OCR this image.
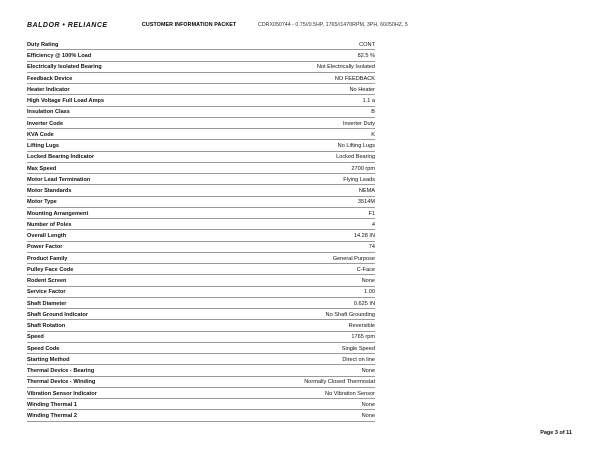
BALDOR • RELIANCE	CUSTOMER INFORMATION PACKET	CDRX050744 - 0.75//0.5HP, 1765//1470RPM, 3PH, 60//50HZ, 5
Duty Rating	CONT
Efficiency @ 100% Load	82.5 %
Electrically Isolated Bearing	Not Electrically Isolated
Feedback Device	NO FEEDBACK
Heater Indicator	No Heater
High Voltage Full Load Amps	1.1 a
Insulation Class	B
Inverter Code	Inverter Duty
KVA Code	K
Lifting Lugs	No Lifting Lugs
Locked Bearing Indicator	Locked Bearing
Max Speed	2700 rpm
Motor Lead Termination	Flying Leads
Motor Standards	NEMA
Motor Type	3514M
Mounting Arrangement	F1
Number of Poles	4
Overall Length	14.28 IN
Power Factor	74
Product Family	General Purpose
Pulley Face Code	C-Face
Rodent Screen	None
Service Factor	1.00
Shaft Diameter	0.625 IN
Shaft Ground Indicator	No Shaft Grounding
Shaft Rotation	Reversible
Speed	1765 rpm
Speed Code	Single Speed
Starting Method	Direct on line
Thermal Device - Bearing	None
Thermal Device - Winding	Normally Closed Thermostat
Vibration Sensor Indicator	No Vibration Sensor
Winding Thermal 1	None
Winding Thermal 2	None
Page 3 of 11
